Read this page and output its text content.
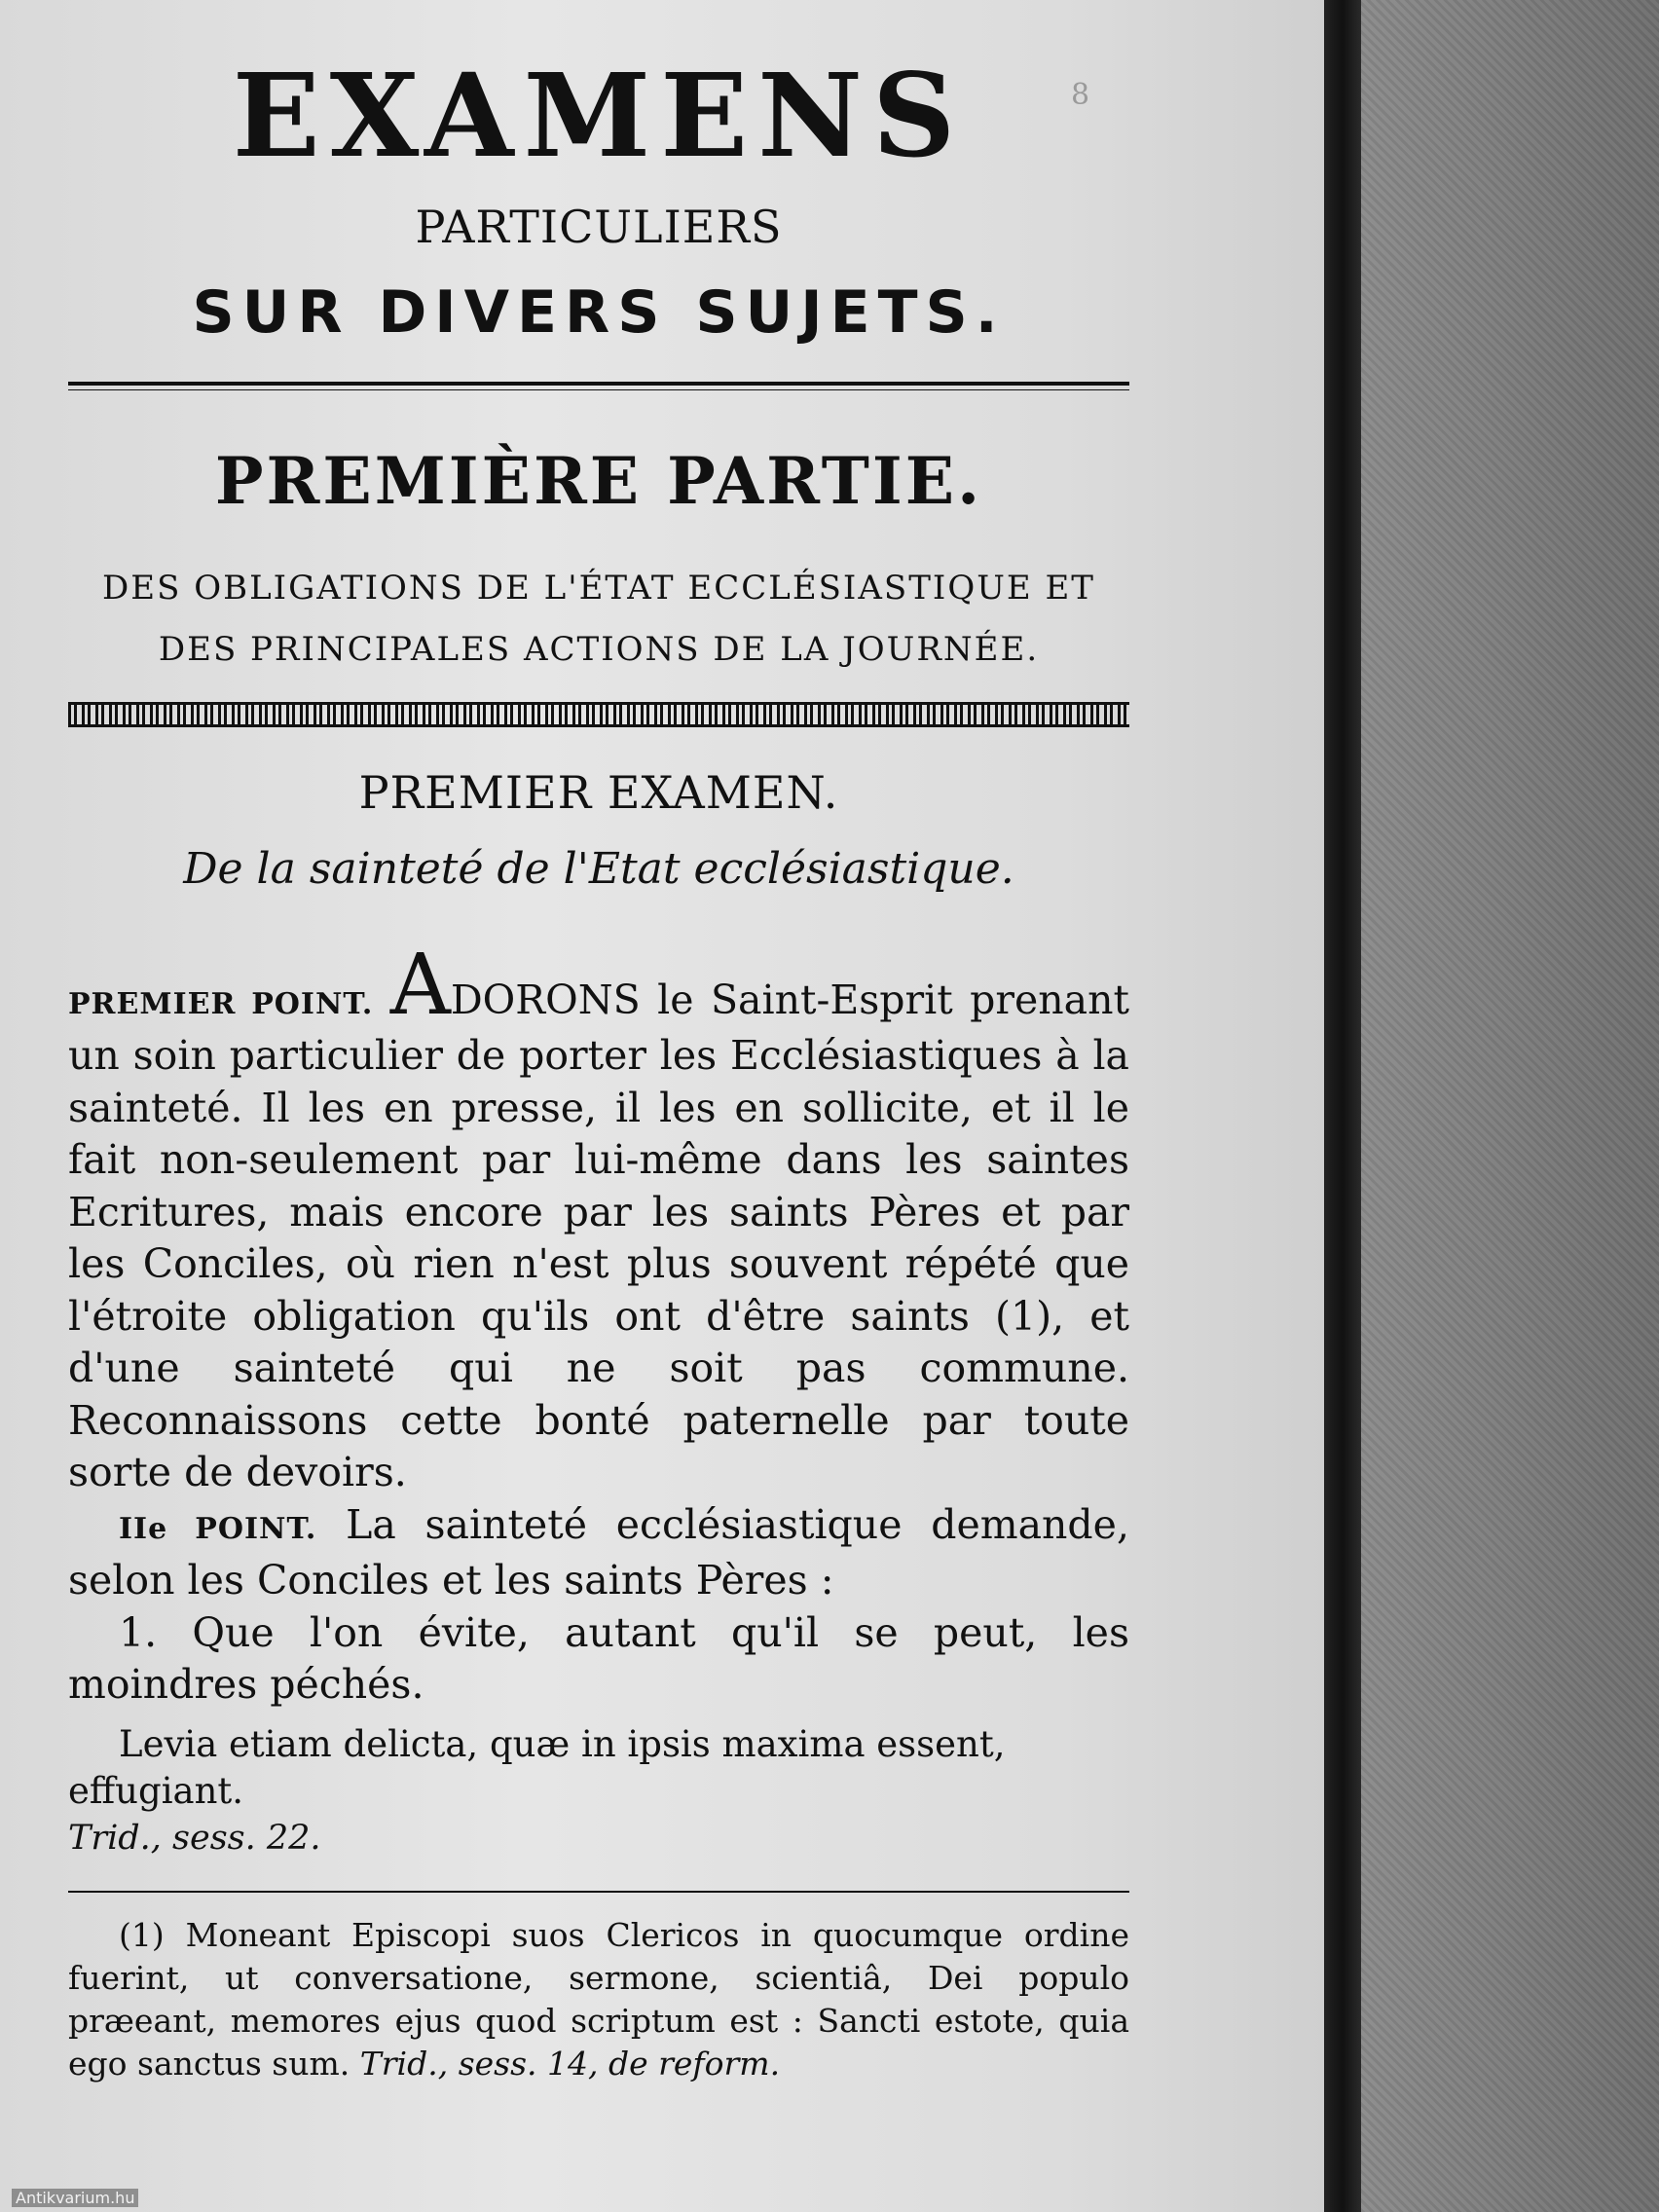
8
EXAMENS
PARTICULIERS
SUR DIVERS SUJETS.
PREMIÈRE PARTIE.
DES OBLIGATIONS DE L'ÉTAT ECCLÉSIASTIQUE ET
DES PRINCIPALES ACTIONS DE LA JOURNÉE.
PREMIER EXAMEN.
De la sainteté de l'Etat ecclésiastique.

PREMIER POINT. ADORONS le Saint-Esprit prenant un soin particulier de porter les Ecclésiastiques à la sainteté. Il les en presse, il les en sollicite, et il le fait non-seulement par lui-même dans les saintes Ecritures, mais encore par les saints Pères et par les Conciles, où rien n'est plus souvent répété que l'étroite obligation qu'ils ont d'être saints (1), et d'une sainteté qui ne soit pas commune. Reconnaissons cette bonté paternelle par toute sorte de devoirs.

IIe POINT. La sainteté ecclésiastique demande, selon les Conciles et les saints Pères :

1. Que l'on évite, autant qu'il se peut, les moindres péchés.

Levia etiam delicta, quæ in ipsis maxima essent, effugiant.

Trid., sess. 22.

(1) Moneant Episcopi suos Clericos in quocumque ordine fuerint, ut conversatione, sermone, scientiâ, Dei populo præeant, memores ejus quod scriptum est : Sancti estote, quia ego sanctus sum. Trid., sess. 14, de reform.

Antikvarium.hu
